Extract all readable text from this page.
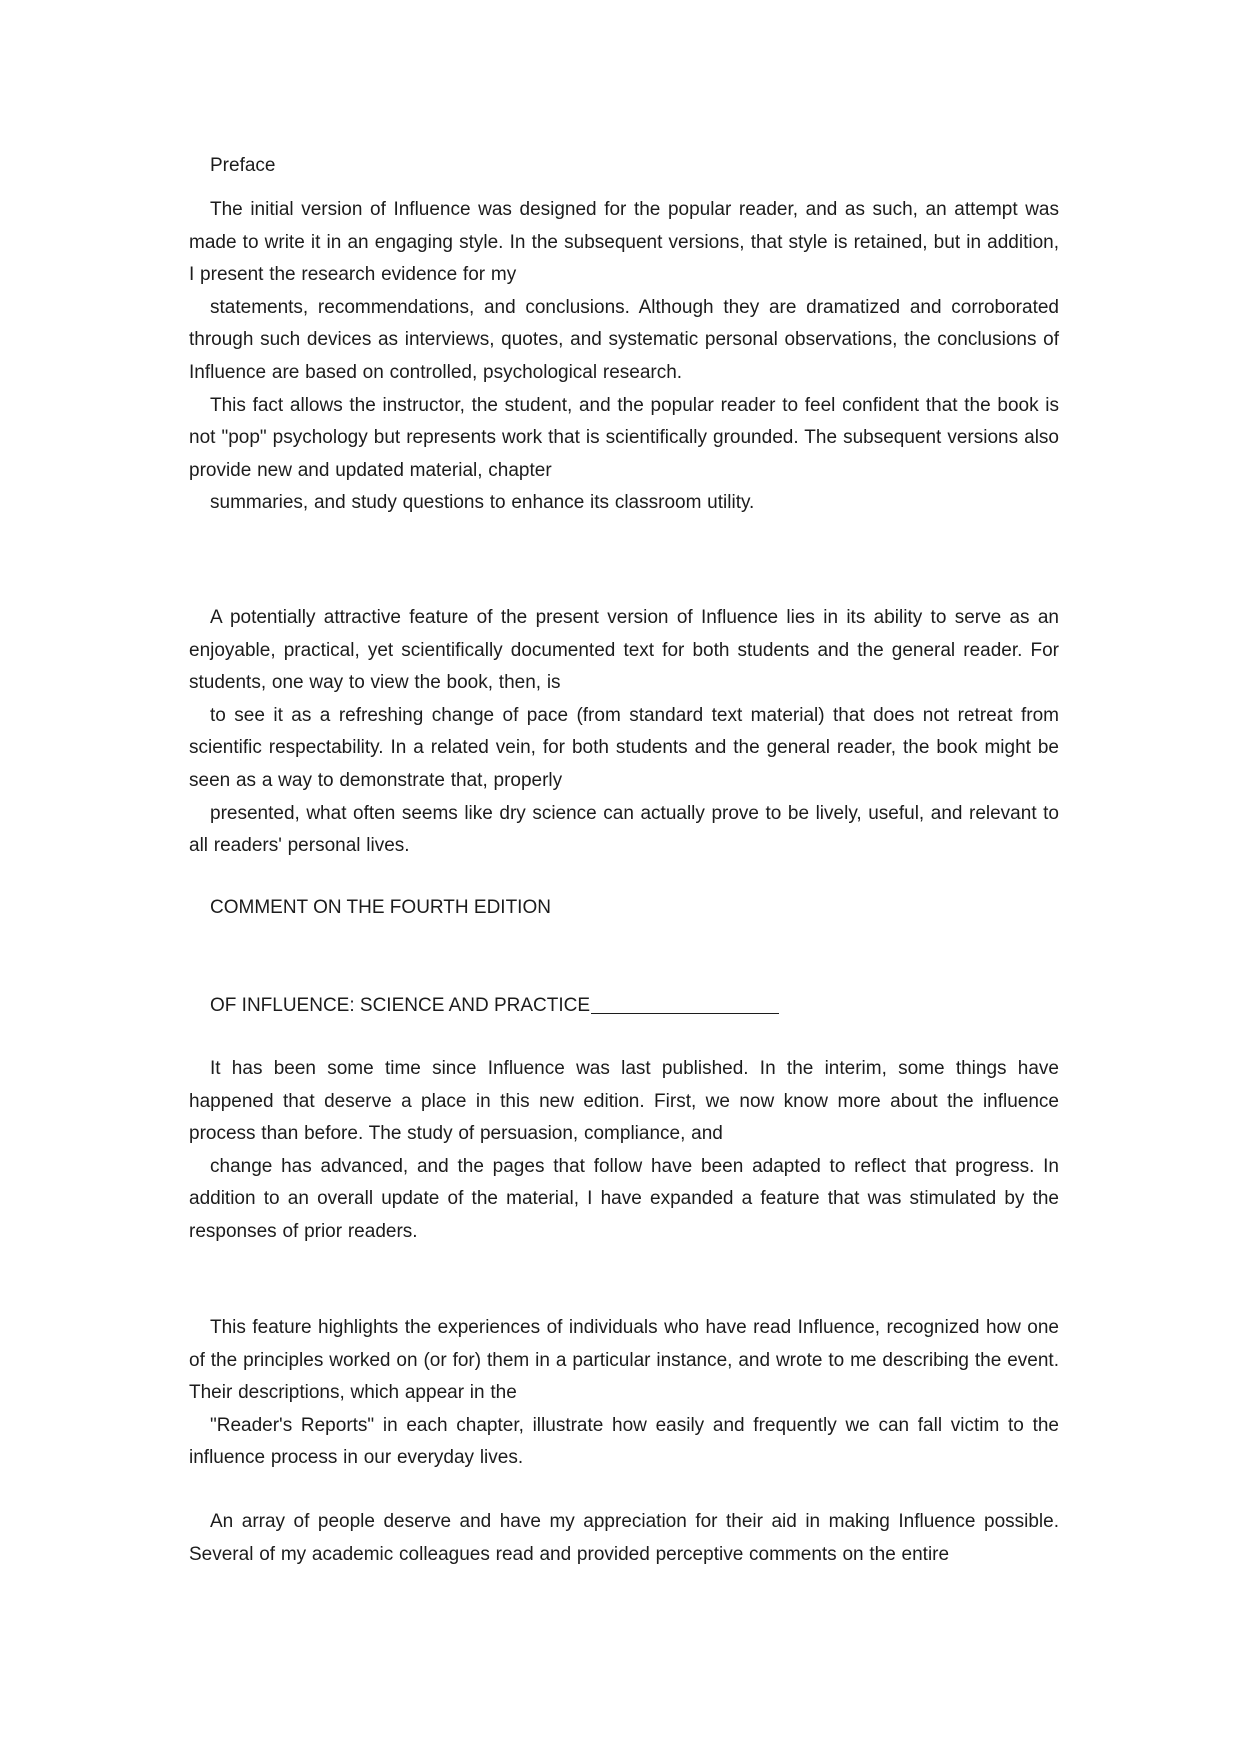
Preface

The initial version of Influence was designed for the popular reader, and as such, an attempt was made to write it in an engaging style. In the subsequent versions, that style is retained, but in addition, I present the research evidence for my

statements, recommendations, and conclusions. Although they are dramatized and corroborated through such devices as interviews, quotes, and systematic personal observations, the conclusions of Influence are based on controlled, psychological research.

This fact allows the instructor, the student, and the popular reader to feel confident that the book is not "pop" psychology but represents work that is scientifically grounded. The subsequent versions also provide new and updated material, chapter

summaries, and study questions to enhance its classroom utility.

A potentially attractive feature of the present version of Influence lies in its ability to serve as an enjoyable, practical, yet scientifically documented text for both students and the general reader. For students, one way to view the book, then, is

to see it as a refreshing change of pace (from standard text material) that does not retreat from scientific respectability. In a related vein, for both students and the general reader, the book might be seen as a way to demonstrate that, properly

presented, what often seems like dry science can actually prove to be lively, useful, and relevant to all readers' personal lives.

COMMENT ON THE FOURTH EDITION

OF INFLUENCE: SCIENCE AND PRACTICE

It has been some time since Influence was last published. In the interim, some things have happened that deserve a place in this new edition. First, we now know more about the influence process than before. The study of persuasion, compliance, and

change has advanced, and the pages that follow have been adapted to reflect that progress. In addition to an overall update of the material, I have expanded a feature that was stimulated by the responses of prior readers.

This feature highlights the experiences of individuals who have read Influence, recognized how one of the principles worked on (or for) them in a particular instance, and wrote to me describing the event. Their descriptions, which appear in the

"Reader's Reports" in each chapter, illustrate how easily and frequently we can fall victim to the influence process in our everyday lives.

An array of people deserve and have my appreciation for their aid in making Influence possible. Several of my academic colleagues read and provided perceptive comments on the entire
